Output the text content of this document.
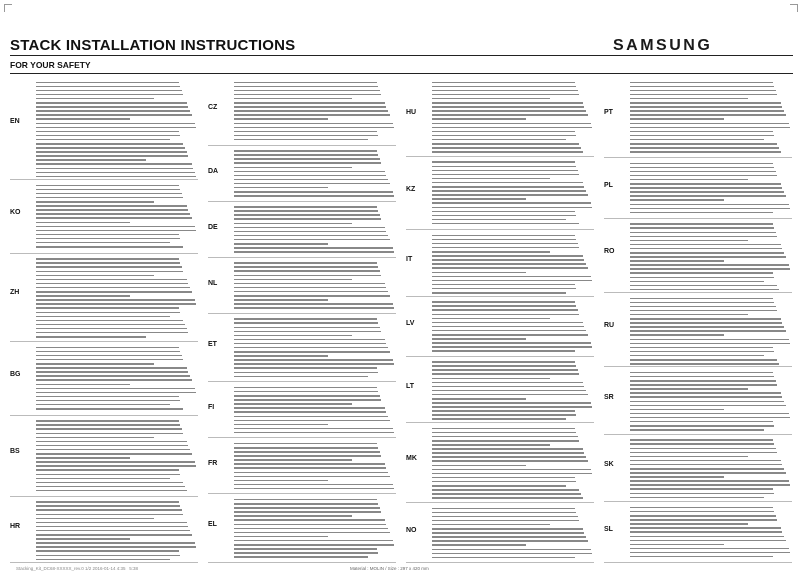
STACK INSTALLATION INSTRUCTIONS	SAMSUNG
FOR YOUR SAFETY
EN
KO
ZH
BG
BS
HR
CZ
DA
DE
NL
ET
FI
FR
EL
HU
KZ
IT
LV
LT
MK
NO
PT
PL
RO
RU
SR
SK
SL
Stacking_Kit_DC68-XXXXX_rev.0 1/2 2016-01-14 4:35   5:38	Material : MOLIN / Size : 297 x 420 mm
